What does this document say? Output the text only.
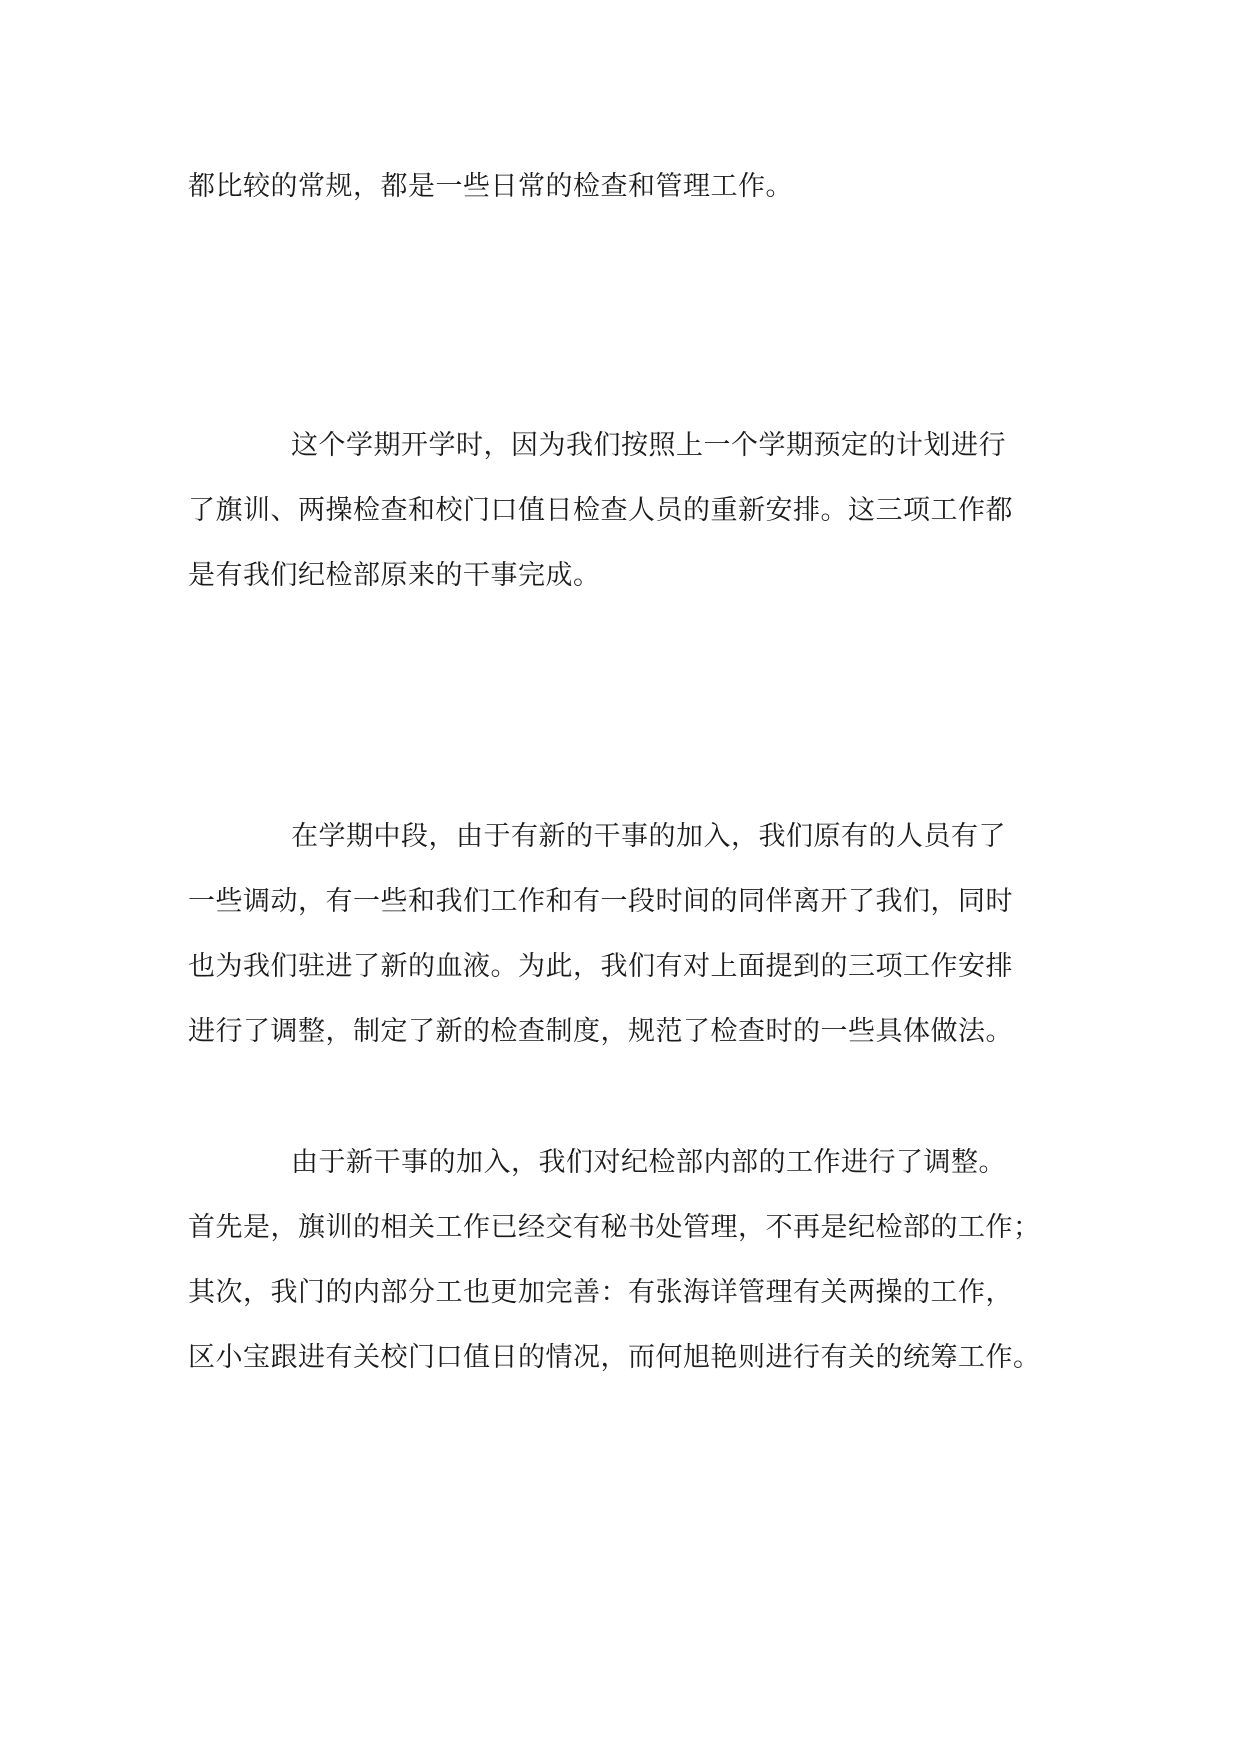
都比较的常规，都是一些日常的检查和管理工作。

这个学期开学时，因为我们按照上一个学期预定的计划进行
了旗训、两操检查和校门口值日检查人员的重新安排。这三项工作都
是有我们纪检部原来的干事完成。

在学期中段，由于有新的干事的加入，我们原有的人员有了
一些调动，有一些和我们工作和有一段时间的同伴离开了我们，同时
也为我们驻进了新的血液。为此，我们有对上面提到的三项工作安排
进行了调整，制定了新的检查制度，规范了检查时的一些具体做法。

由于新干事的加入，我们对纪检部内部的工作进行了调整。
首先是，旗训的相关工作已经交有秘书处管理，不再是纪检部的工作；
其次，我门的内部分工也更加完善：有张海详管理有关两操的工作，
区小宝跟进有关校门口值日的情况，而何旭艳则进行有关的统筹工作。
